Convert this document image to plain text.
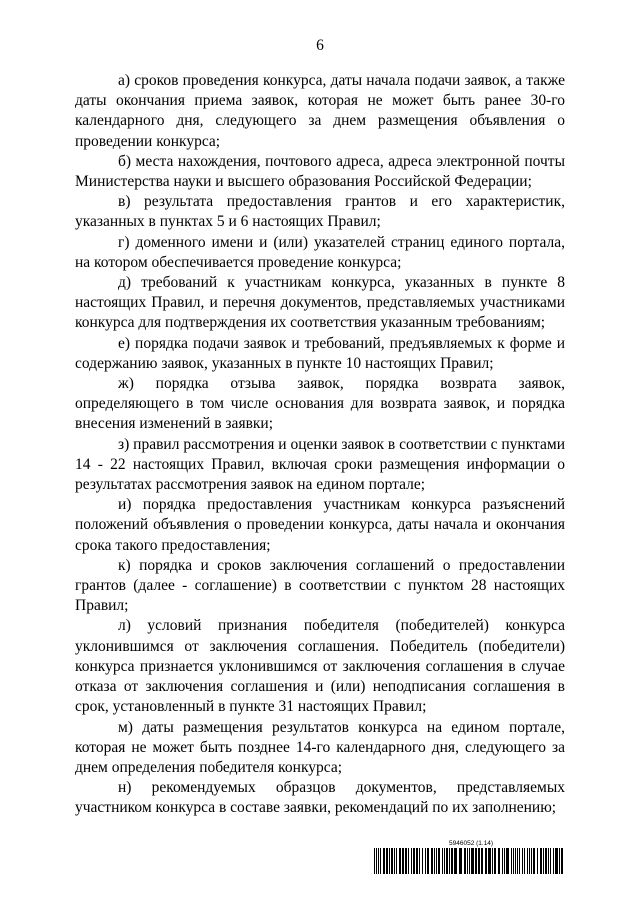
6

а) сроков проведения конкурса, даты начала подачи заявок, а также даты окончания приема заявок, которая не может быть ранее 30-го календарного дня, следующего за днем размещения объявления о проведении конкурса;

б) места нахождения, почтового адреса, адреса электронной почты Министерства науки и высшего образования Российской Федерации;

в) результата предоставления грантов и его характеристик, указанных в пунктах 5 и 6 настоящих Правил;

г) доменного имени и (или) указателей страниц единого портала, на котором обеспечивается проведение конкурса;

д) требований к участникам конкурса, указанных в пункте 8 настоящих Правил, и перечня документов, представляемых участниками конкурса для подтверждения их соответствия указанным требованиям;

е) порядка подачи заявок и требований, предъявляемых к форме и содержанию заявок, указанных в пункте 10 настоящих Правил;

ж) порядка отзыва заявок, порядка возврата заявок, определяющего в том числе основания для возврата заявок, и порядка внесения изменений в заявки;

з) правил рассмотрения и оценки заявок в соответствии с пунктами 14 - 22 настоящих Правил, включая сроки размещения информации о результатах рассмотрения заявок на едином портале;

и) порядка предоставления участникам конкурса разъяснений положений объявления о проведении конкурса, даты начала и окончания срока такого предоставления;

к) порядка и сроков заключения соглашений о предоставлении грантов (далее - соглашение) в соответствии с пунктом 28 настоящих Правил;

л) условий признания победителя (победителей) конкурса уклонившимся от заключения соглашения. Победитель (победители) конкурса признается уклонившимся от заключения соглашения в случае отказа от заключения соглашения и (или) неподписания соглашения в срок, установленный в пункте 31 настоящих Правил;

м) даты размещения результатов конкурса на едином портале, которая не может быть позднее 14-го календарного дня, следующего за днем определения победителя конкурса;

н) рекомендуемых образцов документов, представляемых участником конкурса в составе заявки, рекомендаций по их заполнению;

5946052 (1.14)
